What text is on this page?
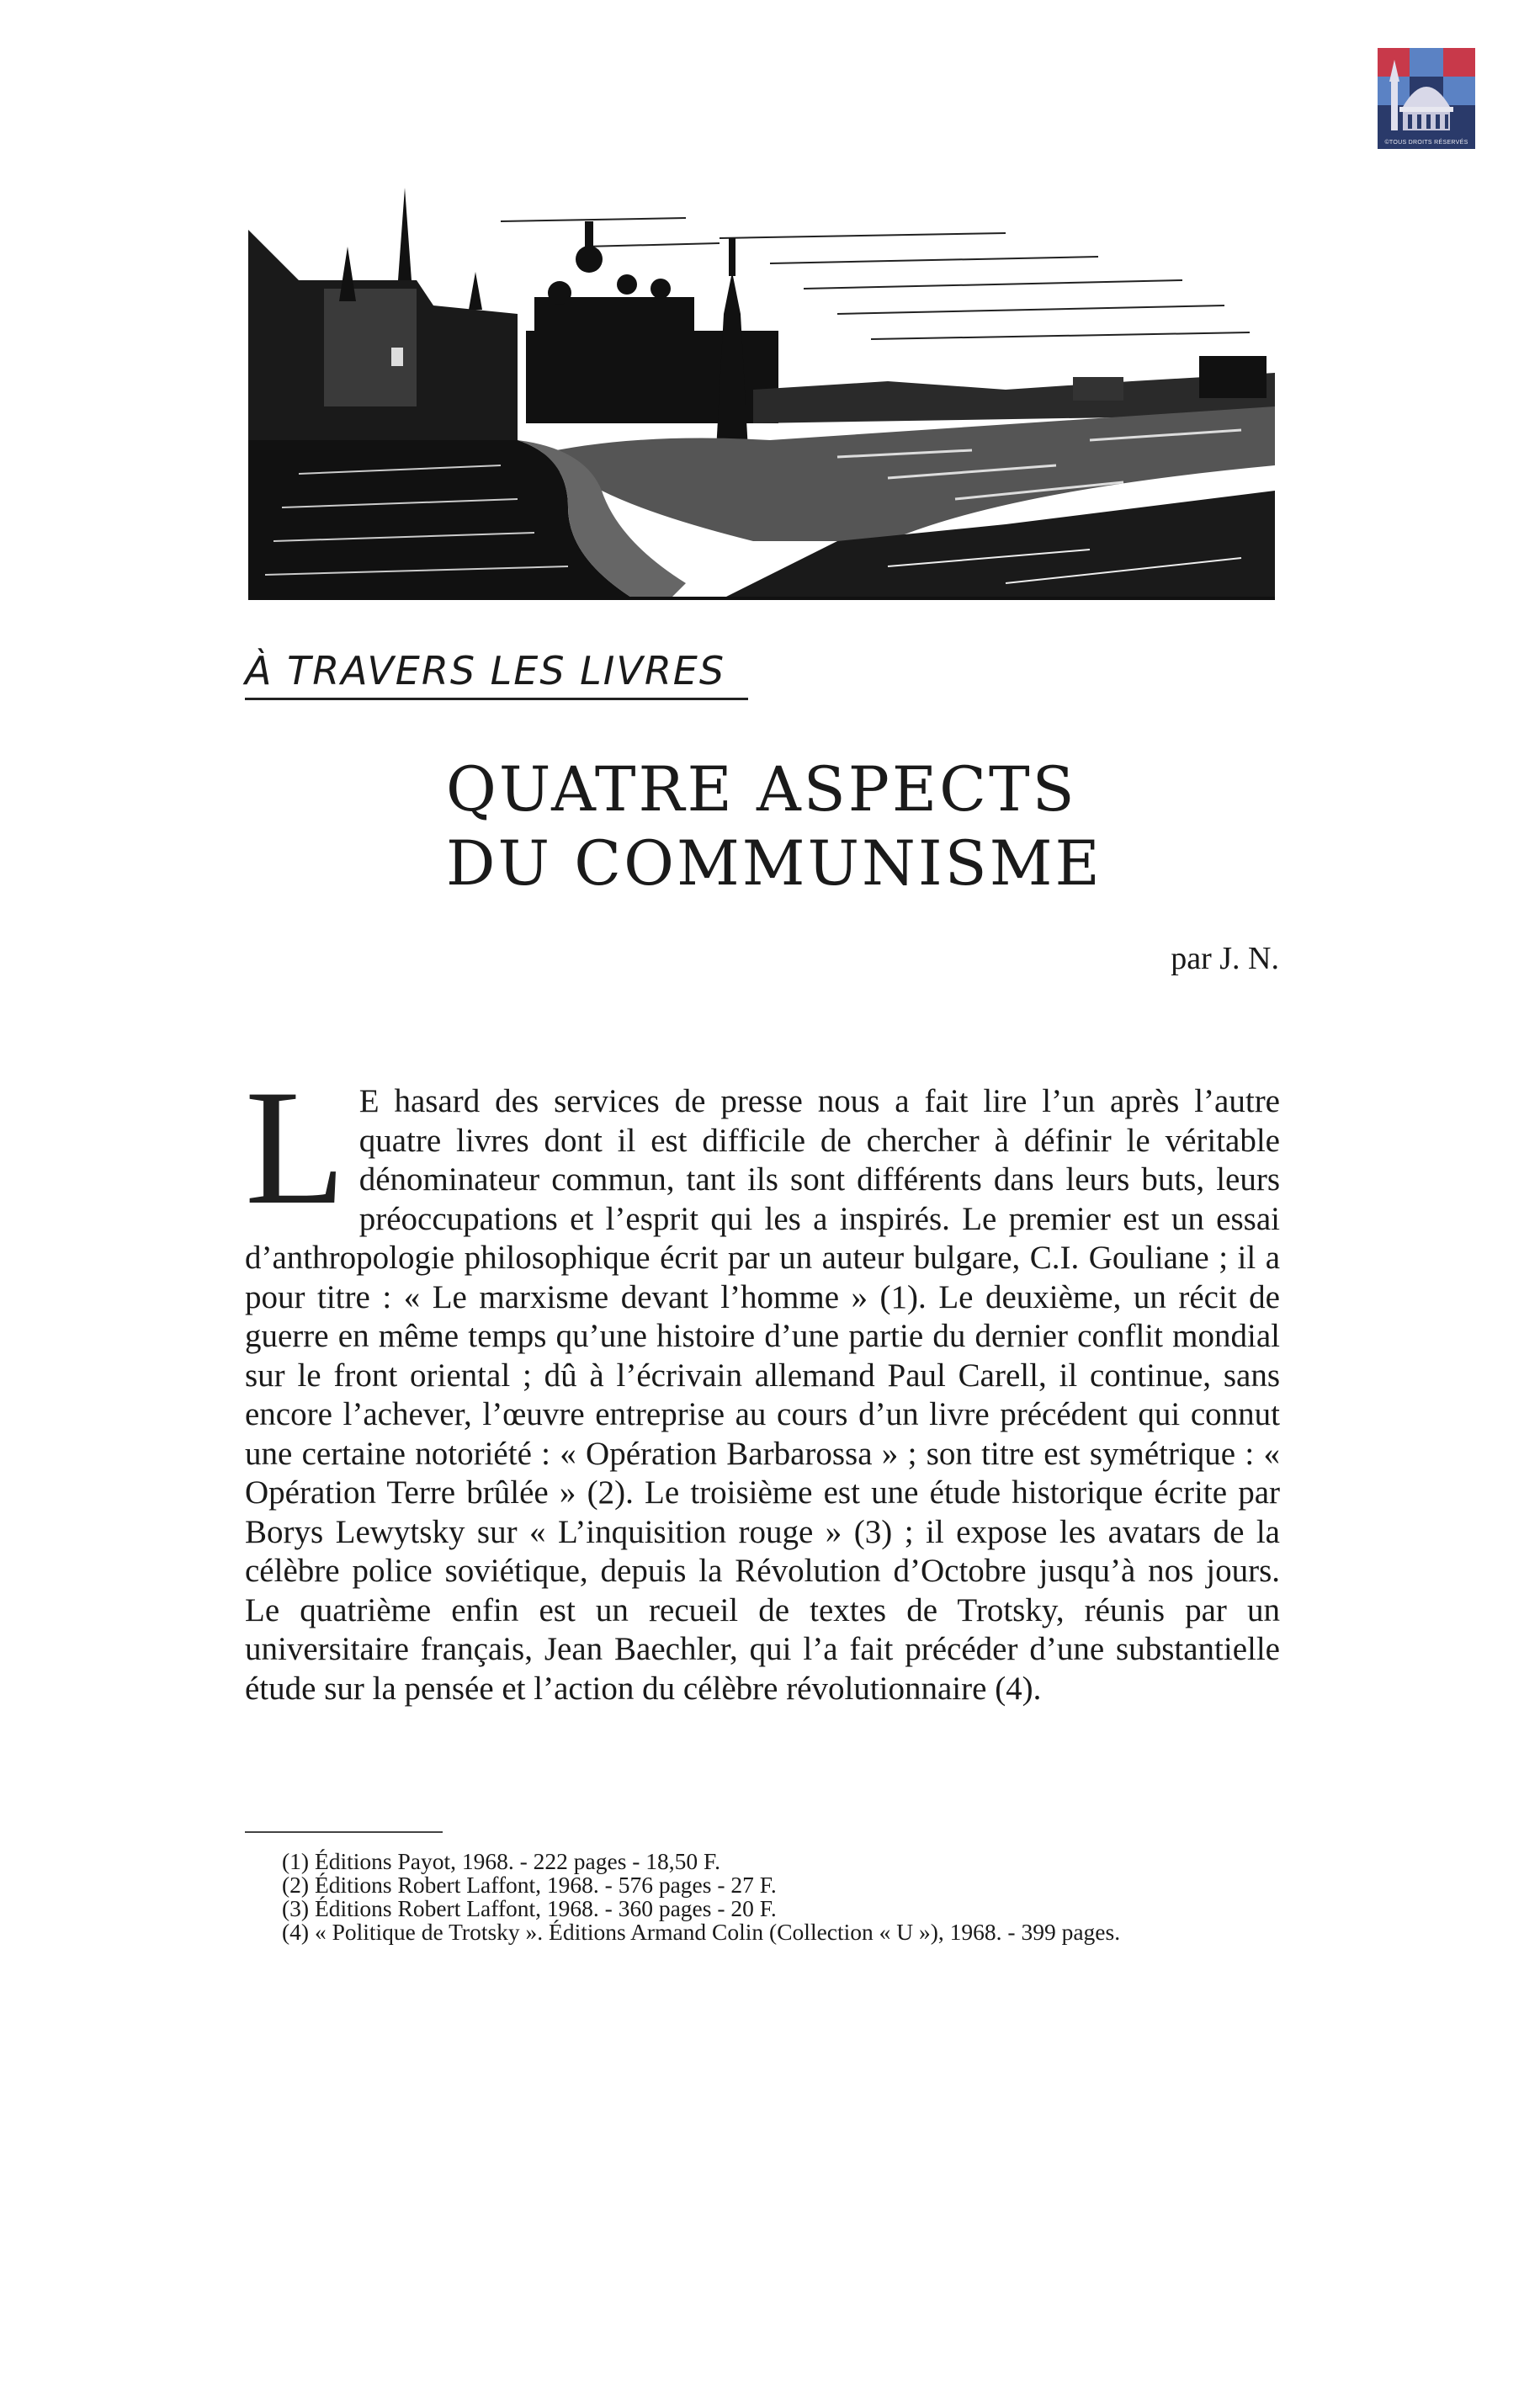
©TOUS DROITS RÉSERVÉS
À TRAVERS LES LIVRES
QUATRE ASPECTS
DU COMMUNISME
par J. N.
L E hasard des services de presse nous a fait lire l’un après l’autre quatre livres dont il est difficile de chercher à définir le véritable dénominateur commun, tant ils sont différents dans leurs buts, leurs préoccupations et l’esprit qui les a inspirés. Le premier est un essai d’anthropologie philosophique écrit par un auteur bulgare, C.I. Gouliane ; il a pour titre : « Le marxisme devant l’homme » (1). Le deuxième, un récit de guerre en même temps qu’une histoire d’une partie du dernier conflit mondial sur le front oriental ; dû à l’écrivain allemand Paul Carell, il continue, sans encore l’achever, l’œuvre entreprise au cours d’un livre précédent qui connut une certaine notoriété : « Opération Barbarossa » ; son titre est symétrique : « Opération Terre brûlée » (2). Le troisième est une étude historique écrite par Borys Lewytsky sur « L’inquisition rouge » (3) ; il expose les avatars de la célèbre police soviétique, depuis la Révolution d’Octobre jusqu’à nos jours. Le quatrième enfin est un recueil de textes de Trotsky, réunis par un universitaire français, Jean Baechler, qui l’a fait précéder d’une substantielle étude sur la pensée et l’action du célèbre révolutionnaire (4).
(1) Éditions Payot, 1968. - 222 pages - 18,50 F.
(2) Éditions Robert Laffont, 1968. - 576 pages - 27 F.
(3) Éditions Robert Laffont, 1968. - 360 pages - 20 F.
(4) « Politique de Trotsky ». Éditions Armand Colin (Collection « U »), 1968. - 399 pages.
